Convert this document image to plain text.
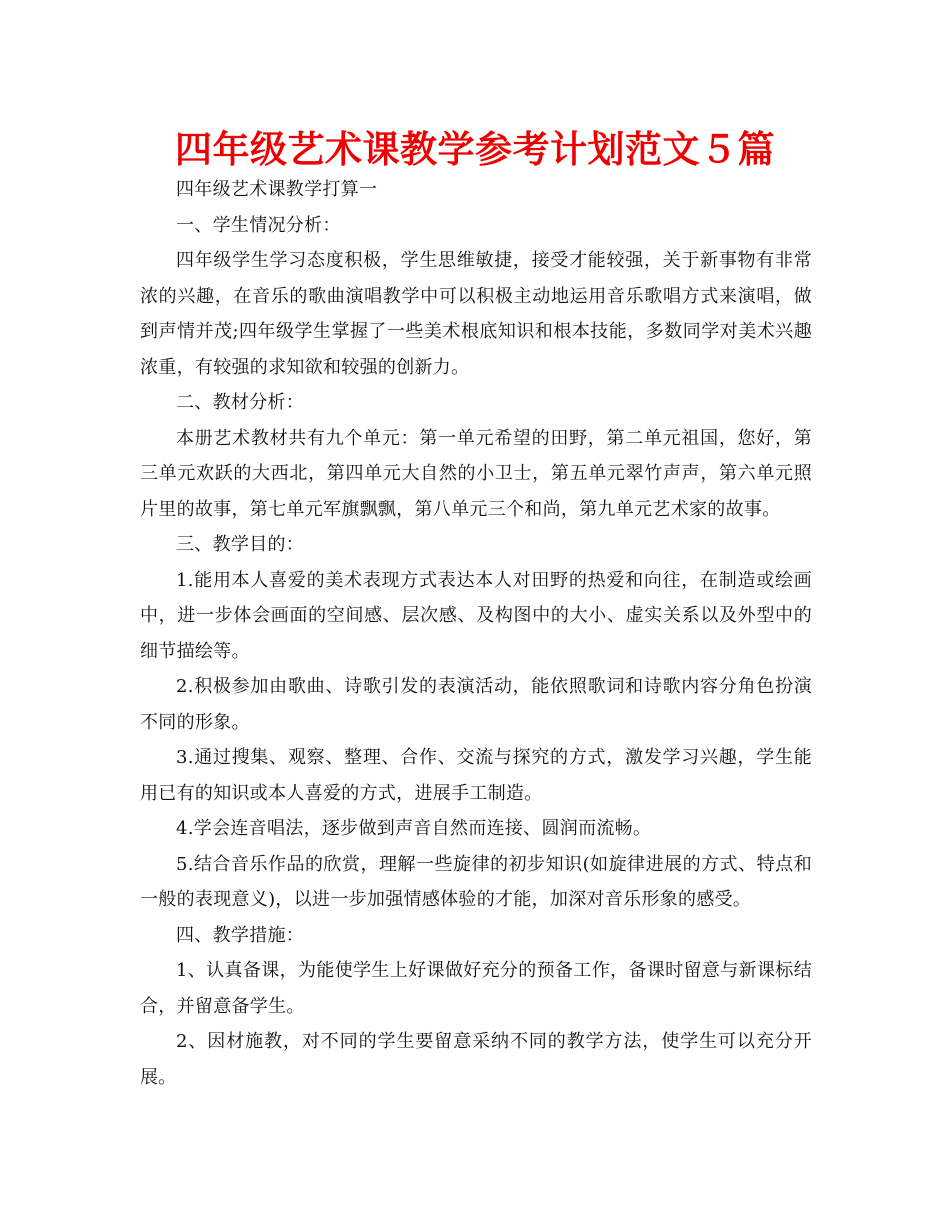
四年级艺术课教学参考计划范文５篇

四年级艺术课教学打算一

一、学生情况分析：

四年级学生学习态度积极，学生思维敏捷，接受才能较强，关于新事物有非常浓的兴趣，在音乐的歌曲演唱教学中可以积极主动地运用音乐歌唱方式来演唱，做到声情并茂;四年级学生掌握了一些美术根底知识和根本技能，多数同学对美术兴趣浓重，有较强的求知欲和较强的创新力。

二、教材分析：

本册艺术教材共有九个单元：第一单元希望的田野，第二单元祖国，您好，第三单元欢跃的大西北，第四单元大自然的小卫士，第五单元翠竹声声，第六单元照片里的故事，第七单元军旗飘飘，第八单元三个和尚，第九单元艺术家的故事。

三、教学目的：

1.能用本人喜爱的美术表现方式表达本人对田野的热爱和向往，在制造或绘画中，进一步体会画面的空间感、层次感、及构图中的大小、虚实关系以及外型中的细节描绘等。

2.积极参加由歌曲、诗歌引发的表演活动，能依照歌词和诗歌内容分角色扮演不同的形象。

3.通过搜集、观察、整理、合作、交流与探究的方式，激发学习兴趣，学生能用已有的知识或本人喜爱的方式，进展手工制造。

4.学会连音唱法，逐步做到声音自然而连接、圆润而流畅。

5.结合音乐作品的欣赏，理解一些旋律的初步知识(如旋律进展的方式、特点和一般的表现意义)，以进一步加强情感体验的才能，加深对音乐形象的感受。

四、教学措施：

1、认真备课，为能使学生上好课做好充分的预备工作，备课时留意与新课标结合，并留意备学生。

2、因材施教，对不同的学生要留意采纳不同的教学方法，使学生可以充分开展。
